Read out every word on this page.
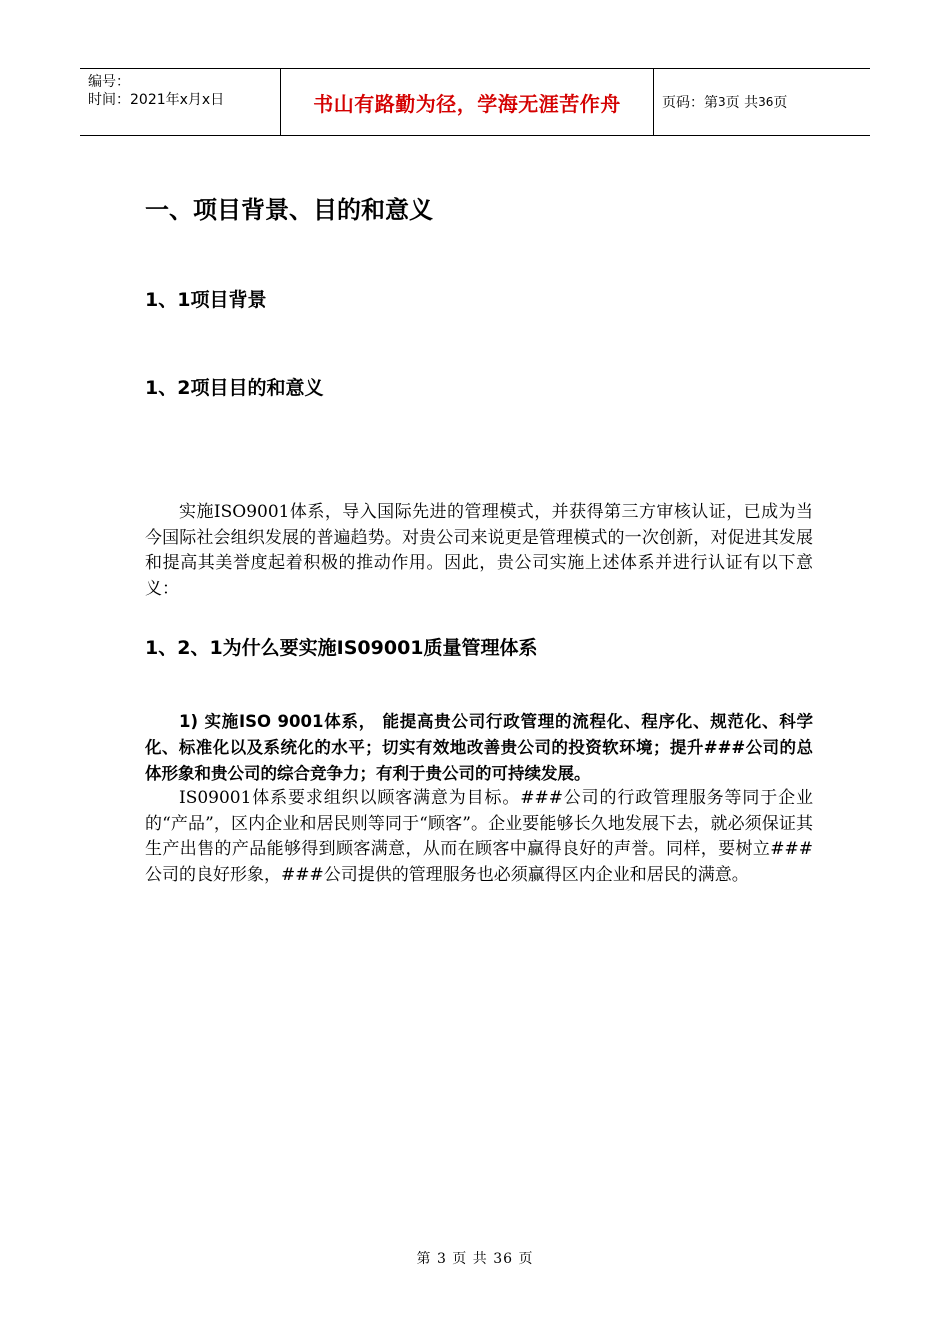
编号：
时间：2021年x月x日	书山有路勤为径，学海无涯苦作舟	页码：第 3 页 共 36 页
一、项目背景、目的和意义
1、1项目背景
1、2项目目的和意义

实施ISO9001体系，导入国际先进的管理模式，并获得第三方审核认证，已成为当今国际社会组织发展的普遍趋势。对贵公司来说更是管理模式的一次创新，对促进其发展和提高其美誉度起着积极的推动作用。因此，贵公司实施上述体系并进行认证有以下意义：

1、2、1为什么要实施IS09001质量管理体系

1) 实施ISO 9001体系， 能提高贵公司行政管理的流程化、程序化、规范化、科学化、标准化以及系统化的水平；切实有效地改善贵公司的投资软环境；提升###公司的总体形象和贵公司的综合竞争力；有利于贵公司的可持续发展。

IS09001体系要求组织以顾客满意为目标。###公司的行政管理服务等同于企业的“产品”，区内企业和居民则等同于“顾客”。企业要能够长久地发展下去，就必须保证其生产出售的产品能够得到顾客满意，从而在顾客中赢得良好的声誉。同样，要树立###公司的良好形象，###公司提供的管理服务也必须赢得区内企业和居民的满意。

第 3 页 共 36 页
